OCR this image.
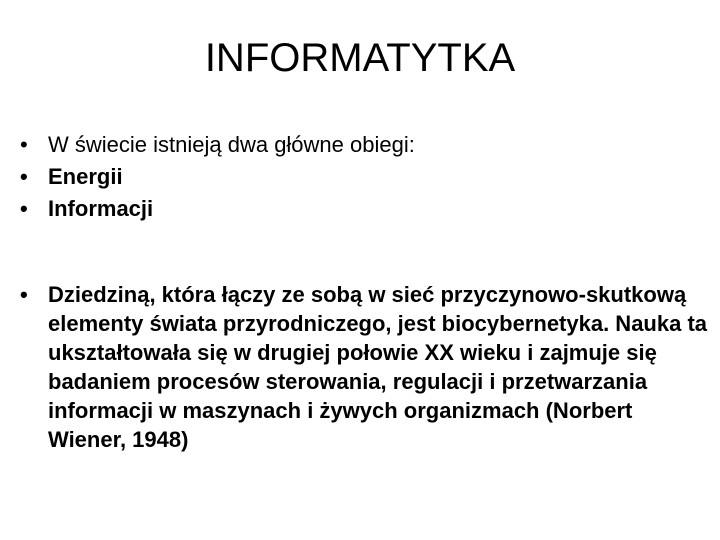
INFORMATYTKA
• W świecie istnieją dwa główne obiegi:
• Energii
• Informacji
• Dziedziną, która łączy ze sobą w sieć przyczynowo-skutkową elementy świata przyrodniczego, jest biocybernetyka. Nauka ta ukształtowała się w drugiej połowie XX wieku i zajmuje się badaniem procesów sterowania, regulacji i przetwarzania informacji w maszynach i żywych organizmach (Norbert Wiener, 1948)
